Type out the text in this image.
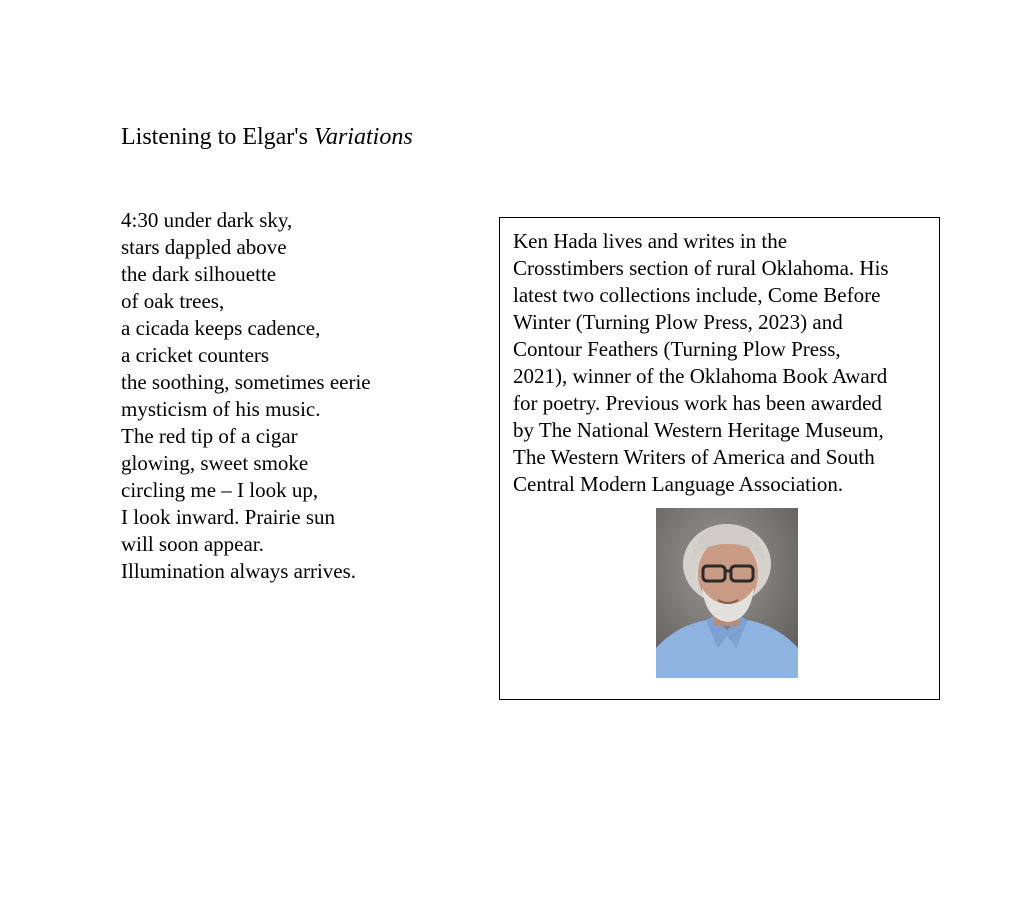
Listening to Elgar's Variations
4:30 under dark sky,
stars dappled above
the dark silhouette
of oak trees,
a cicada keeps cadence,
a cricket counters
the soothing, sometimes eerie
mysticism of his music.
The red tip of a cigar
glowing, sweet smoke
circling me – I look up,
I look inward. Prairie sun
will soon appear.
Illumination always arrives.
Ken Hada lives and writes in the
Crosstimbers section of rural Oklahoma. His
latest two collections include, Come Before
Winter (Turning Plow Press, 2023) and
Contour Feathers (Turning Plow Press,
2021), winner of the Oklahoma Book Award
for poetry. Previous work has been awarded
by The National Western Heritage Museum,
The Western Writers of America and South
Central Modern Language Association.
